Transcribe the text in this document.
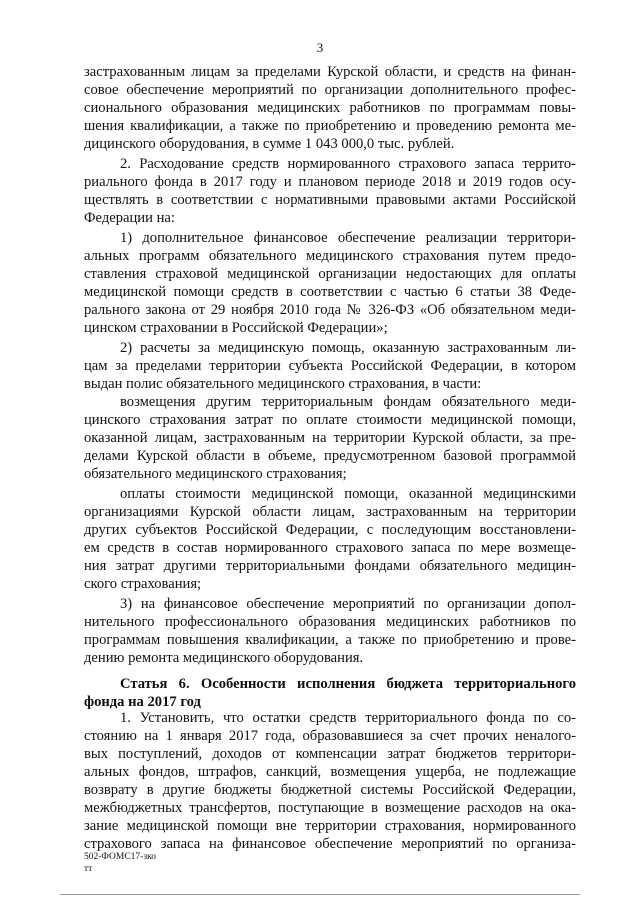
3
застрахованным лицам за пределами Курской области, и средств на финан-
совое обеспечение мероприятий по организации дополнительного профес-
сионального образования медицинских работников по программам повы-
шения квалификации, а также по приобретению и проведению ремонта ме-
дицинского оборудования, в сумме 1 043 000,0 тыс. рублей.
2. Расходование средств нормированного страхового запаса террито-
риального фонда в 2017 году и плановом периоде 2018 и 2019 годов осу-
ществлять в соответствии с нормативными правовыми актами Российской
Федерации на:
1) дополнительное финансовое обеспечение реализации территори-
альных программ обязательного медицинского страхования путем предо-
ставления страховой медицинской организации недостающих для оплаты
медицинской помощи средств в соответствии с частью 6 статьи 38 Феде-
рального закона от 29 ноября 2010 года № 326-ФЗ «Об обязательном меди-
цинском страховании в Российской Федерации»;
2) расчеты за медицинскую помощь, оказанную застрахованным ли-
цам за пределами территории субъекта Российской Федерации, в котором
выдан полис обязательного медицинского страхования, в части:
возмещения другим территориальным фондам обязательного меди-
цинского страхования затрат по оплате стоимости медицинской помощи,
оказанной лицам, застрахованным на территории Курской области, за пре-
делами Курской области в объеме, предусмотренном базовой программой
обязательного медицинского страхования;
оплаты стоимости медицинской помощи, оказанной медицинскими
организациями Курской области лицам, застрахованным на территории
других субъектов Российской Федерации, с последующим восстановлени-
ем средств в состав нормированного страхового запаса по мере возмеще-
ния затрат другими территориальными фондами обязательного медицин-
ского страхования;
3) на финансовое обеспечение мероприятий по организации допол-
нительного профессионального образования медицинских работников по
программам повышения квалификации, а также по приобретению и прове-
дению ремонта медицинского оборудования.
Статья 6. Особенности исполнения бюджета территориального
фонда на 2017 год
1. Установить, что остатки средств территориального фонда по со-
стоянию на 1 января 2017 года, образовавшиеся за счет прочих неналого-
вых поступлений, доходов от компенсации затрат бюджетов территори-
альных фондов, штрафов, санкций, возмещения ущерба, не подлежащие
возврату в другие бюджеты бюджетной системы Российской Федерации,
межбюджетных трансфертов, поступающие в возмещение расходов на ока-
зание медицинской помощи вне территории страхования, нормированного
страхового запаса на финансовое обеспечение мероприятий по организа-
502-ФОМС17-зко
тт
